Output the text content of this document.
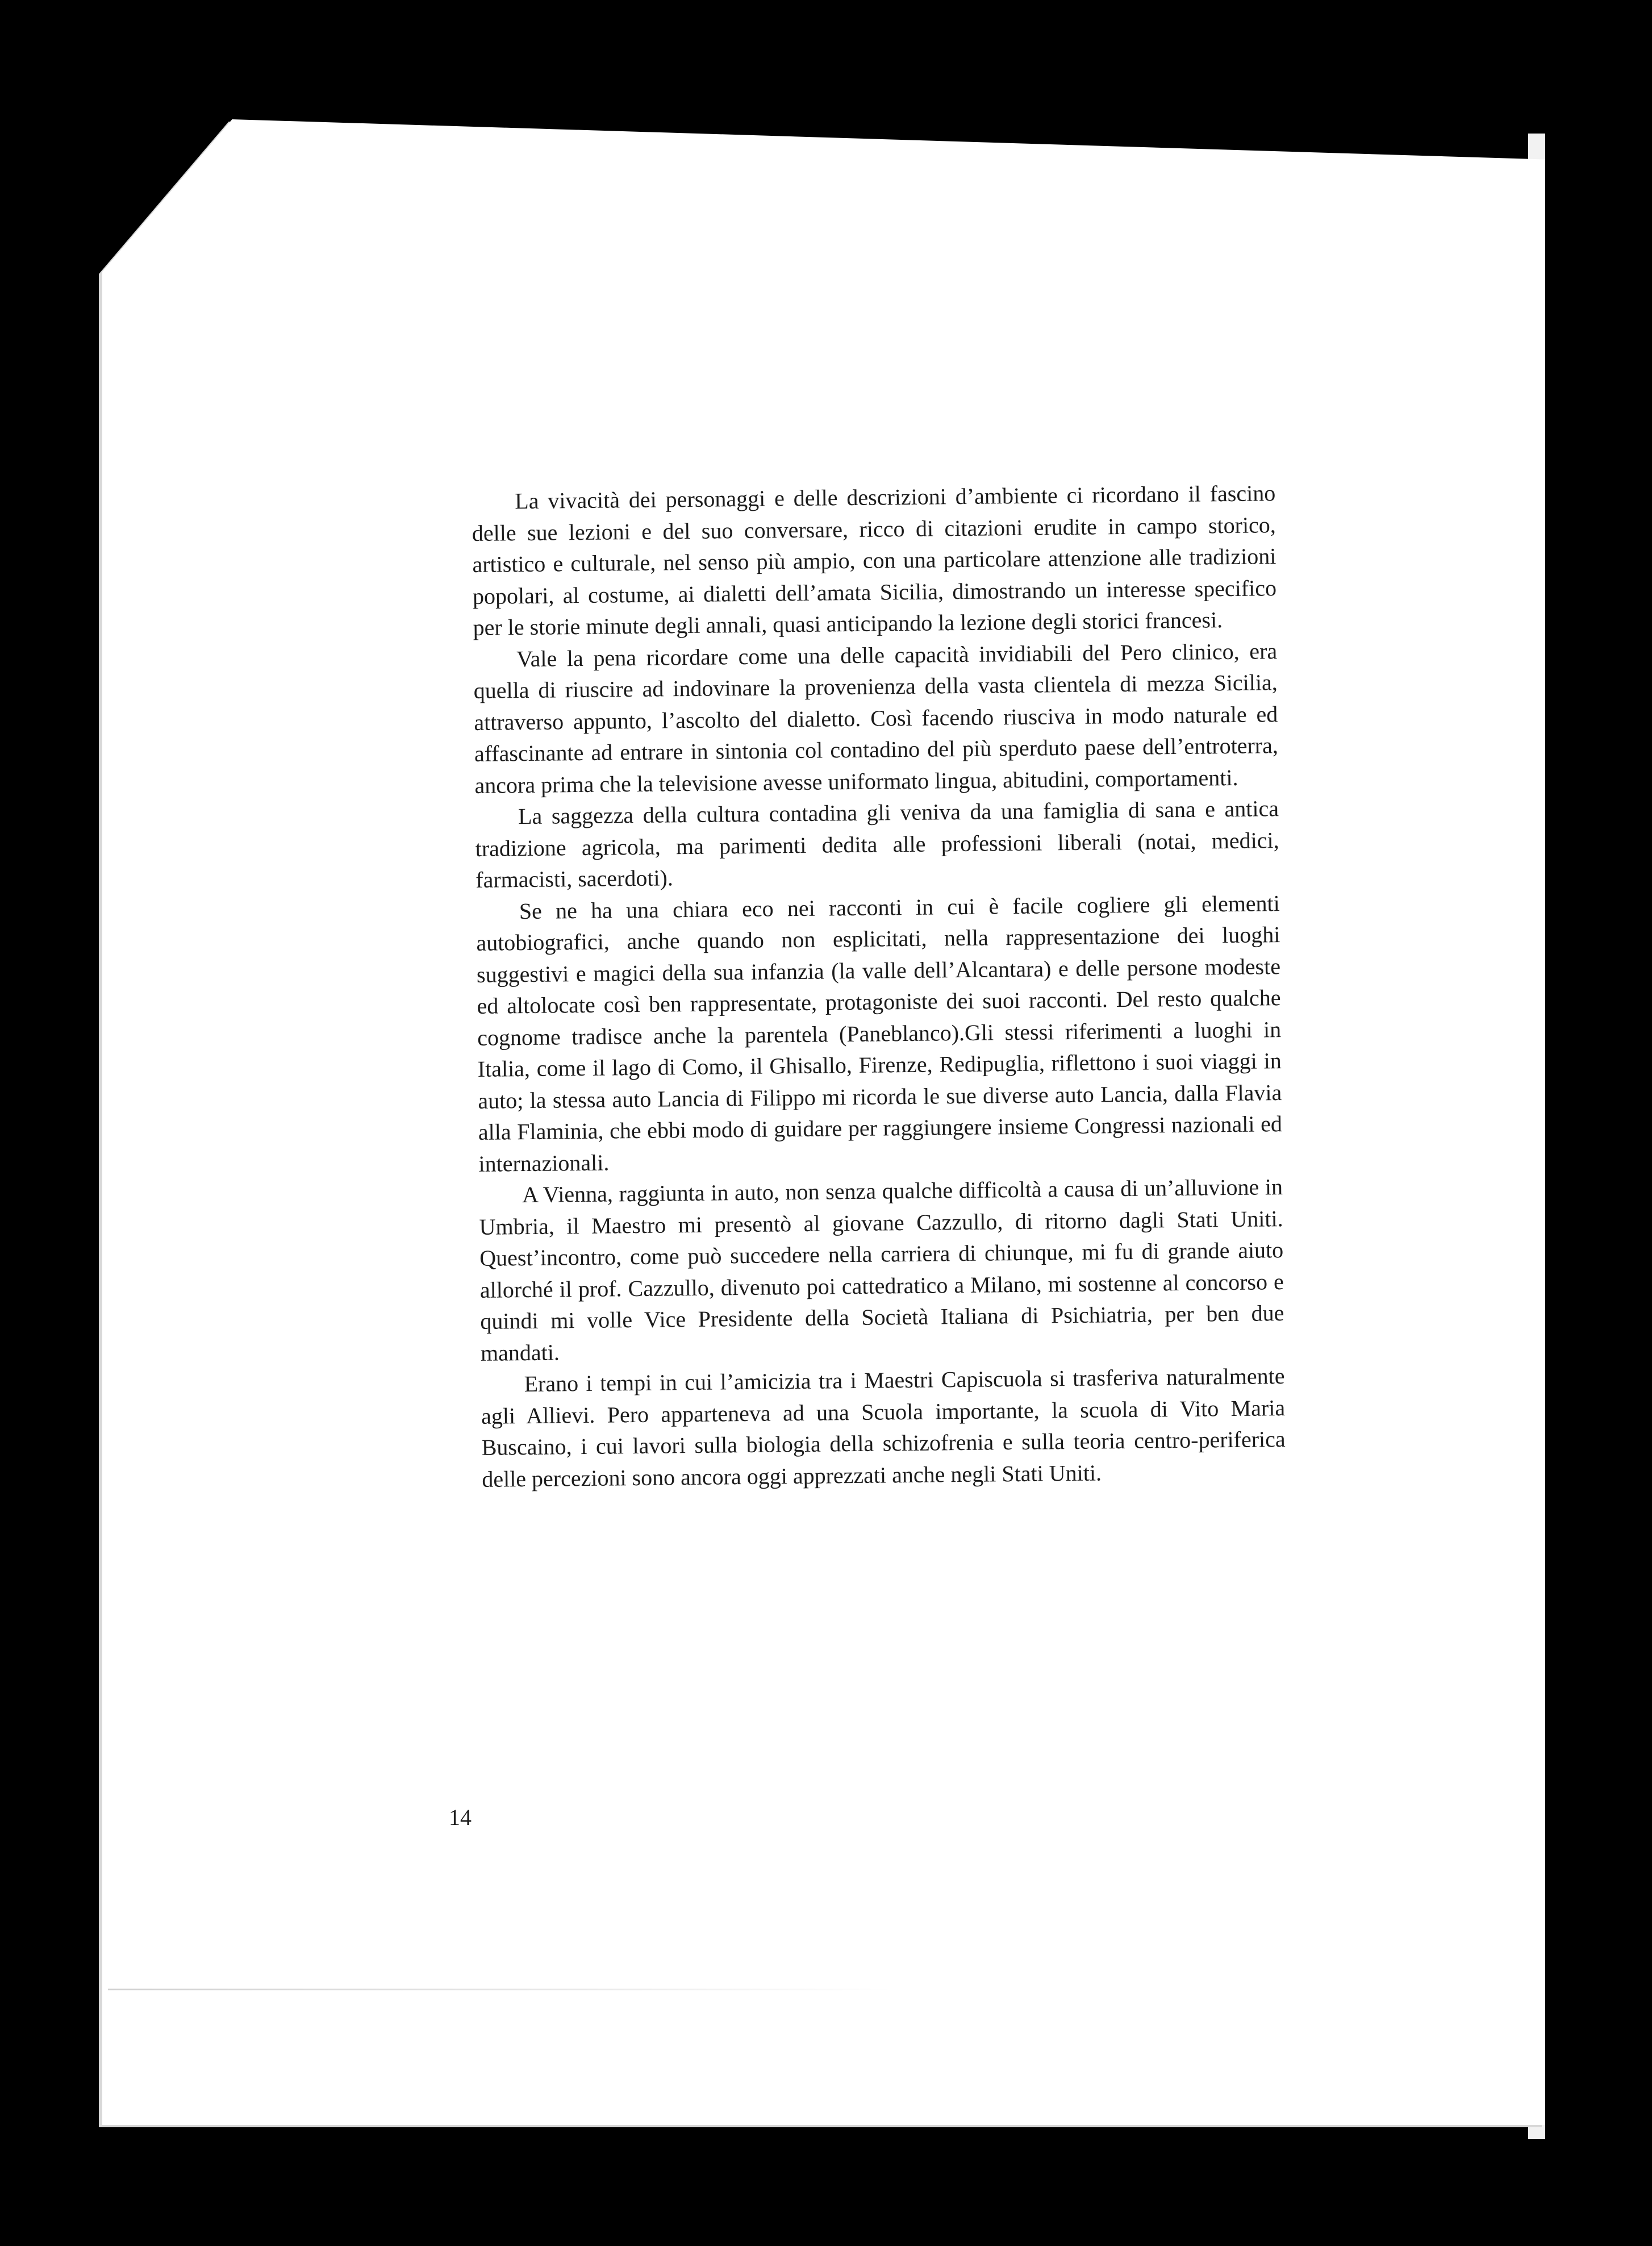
La vivacità dei personaggi e delle descrizioni d’ambiente ci ricordano il fascino delle sue lezioni e del suo conversare, ricco di citazioni erudite in campo storico, artistico e culturale, nel senso più ampio, con una particolare attenzione alle tradizioni popolari, al costume, ai dialetti dell’amata Sicilia, dimostrando un interesse specifico per le storie minute degli annali, quasi anticipando la lezione degli storici francesi.

Vale la pena ricordare come una delle capacità invidiabili del Pero clinico, era quella di riuscire ad indovinare la provenienza della vasta clientela di mezza Sicilia, attraverso appunto, l’ascolto del dialetto. Così facendo riusciva in modo naturale ed affascinante ad entrare in sintonia col contadino del più sperduto paese dell’entroterra, ancora prima che la televisione avesse uniformato lingua, abitudini, comportamenti.

La saggezza della cultura contadina gli veniva da una famiglia di sana e antica tradizione agricola, ma parimenti dedita alle professioni liberali (notai, medici, farmacisti, sacerdoti).

Se ne ha una chiara eco nei racconti in cui è facile cogliere gli elementi autobiografici, anche quando non esplicitati, nella rappresentazione dei luoghi suggestivi e magici della sua infanzia (la valle dell’Alcantara) e delle persone modeste ed altolocate così ben rappresentate, protagoniste dei suoi racconti. Del resto qualche cognome tradisce anche la parentela (Paneblanco).Gli stessi riferimenti a luoghi in Italia, come il lago di Como, il Ghisallo, Firenze, Redipuglia, riflettono i suoi viaggi in auto; la stessa auto Lancia di Filippo mi ricorda le sue diverse auto Lancia, dalla Flavia alla Flaminia, che ebbi modo di guidare per raggiungere insieme Congressi nazionali ed internazionali.

A Vienna, raggiunta in auto, non senza qualche difficoltà a causa di un’alluvione in Umbria, il Maestro mi presentò al giovane Cazzullo, di ritorno dagli Stati Uniti. Quest’incontro, come può succedere nella carriera di chiunque, mi fu di grande aiuto allorché il prof. Cazzullo, divenuto poi cattedratico a Milano, mi sostenne al concorso e quindi mi volle Vice Presidente della Società Italiana di Psichiatria, per ben due mandati.

Erano i tempi in cui l’amicizia tra i Maestri Capiscuola si trasferiva naturalmente agli Allievi. Pero apparteneva ad una Scuola importante, la scuola di Vito Maria Buscaino, i cui lavori sulla biologia della schizofrenia e sulla teoria centro-periferica delle percezioni sono ancora oggi apprezzati anche negli Stati Uniti.

14
